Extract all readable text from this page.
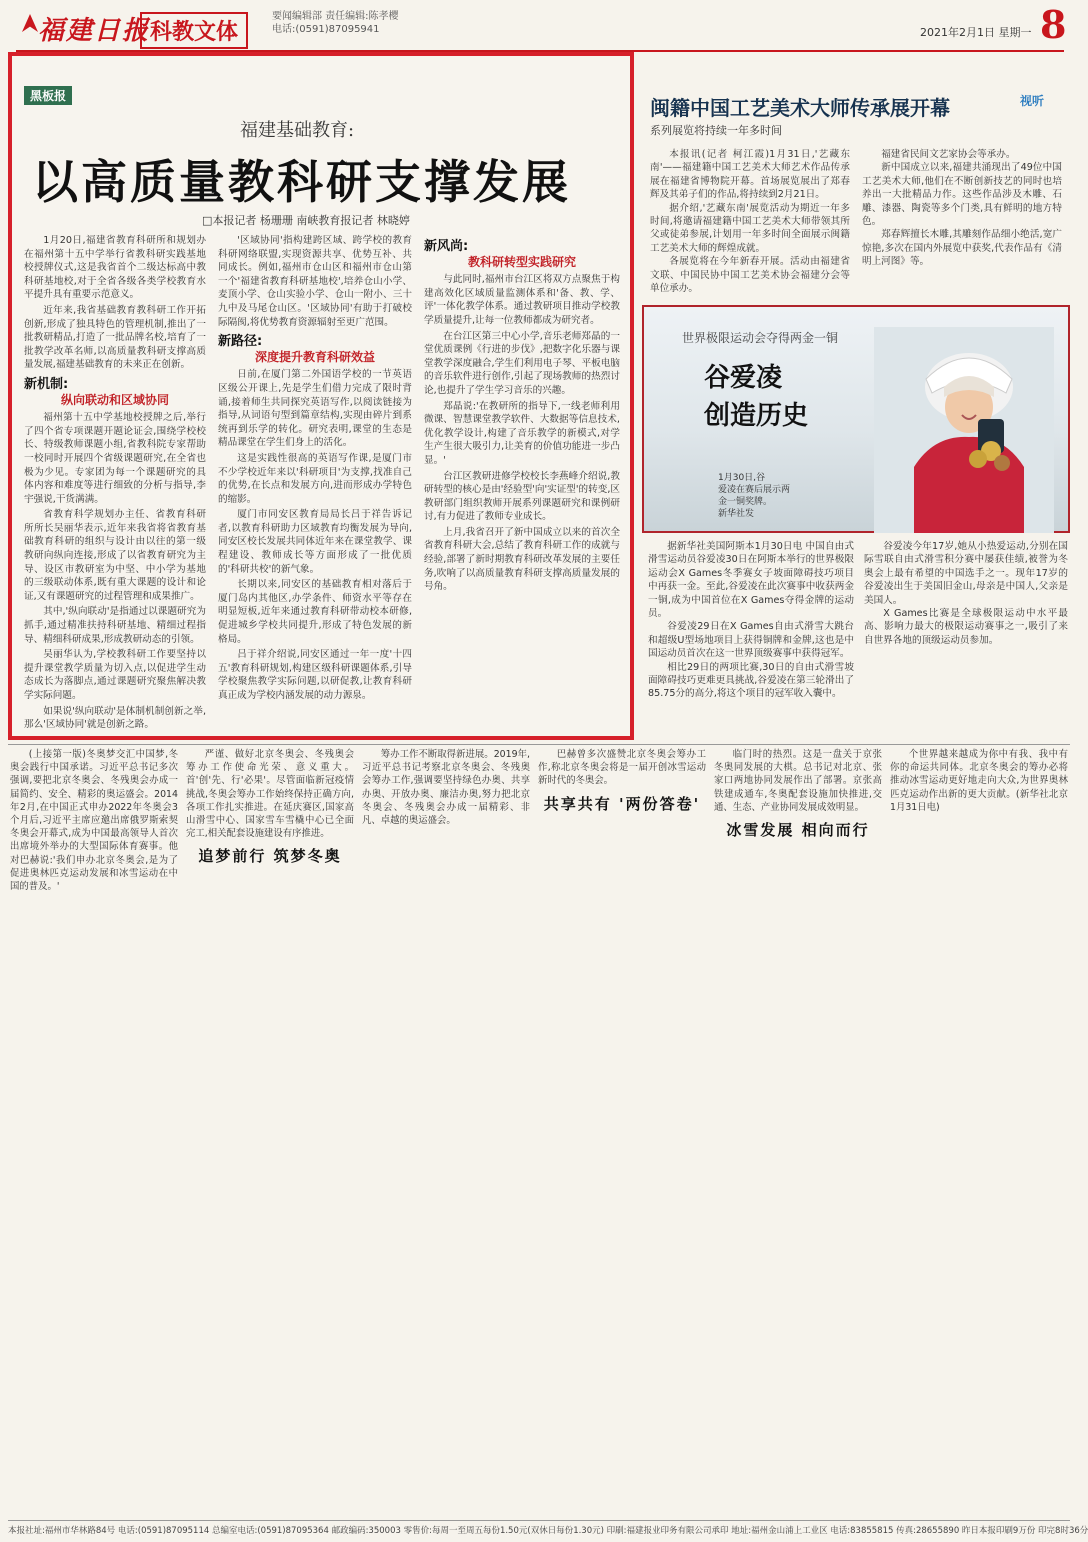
福建日报 科教文体
要闻编辑部 责任编辑:陈孝樱
电话:(0591)87095941	2021年2月1日 星期一 8
黑板报
福建基础教育:
以高质量教科研支撑发展
□本报记者 杨珊珊 南峡教育报记者 林晓婷

1月20日,福建省教育科研所和规划办在福州第十五中学举行省教科研实践基地校授牌仪式,这是我省首个二级达标高中教科研基地校,对于全省各级各类学校教育水平提升具有重要示范意义。

近年来,我省基础教育教科研工作开拓创新,形成了独具特色的管理机制,推出了一批教研精品,打造了一批品牌名校,培育了一批教学改革名师,以高质量教科研支撑高质量发展,福建基础教育的未来正在创新。

新机制:
纵向联动和区域协同

福州第十五中学基地校授牌之后,举行了四个省专项课题开题论证会,围绕学校校长、特级教师课题小组,省教科院专家帮助一校同时开展四个省级课题研究,在全省也极为少见。专家团为每一个课题研究的具体内容和难度等进行细致的分析与指导,李宇强说,干货满满。

省教育科学规划办主任、省教育科研所所长吴丽华表示,近年来我省将省教育基础教育科研的组织与设计由以往的第一级教研向纵向连接,形成了以省教育研究为主导、设区市教研室为中坚、中小学为基地的三级联动体系,既有重大课题的设计和论证,又有课题研究的过程管理和成果推广。

其中,'纵向联动'是指通过以课题研究为抓手,通过精准扶持科研基地、精细过程指导、精细科研成果,形成教研动态的引领。

吴丽华认为,学校教科研工作要坚持以提升课堂教学质量为切入点,以促进学生动态成长为落脚点,通过课题研究聚焦解决教学实际问题。

如果说'纵向联动'是体制机制创新之举,那么'区域协同'就是创新之路。

'区域协同'指构建跨区域、跨学校的教育科研网络联盟,实现资源共享、优势互补、共同成长。例如,福州市仓山区和福州市仓山第一个'福建省教育科研基地校',培养仓山小学、麦顶小学、仓山实验小学、仓山一附小、三十九中及马尾仓山区。'区域协同'有助于打破校际隔阂,将优势教育资源辐射至更广范围。

新路径:
深度提升教育科研效益

日前,在厦门第二外国语学校的一节英语区级公开课上,先是学生们借力完成了限时背诵,接着师生共同探究英语写作,以阅读链接为指导,从词语句型到篇章结构,实现由碎片到系统再到乐学的转化。研究表明,课堂的生态是精品课堂在学生们身上的活化。

这是实践性很高的英语写作课,是厦门市不少学校近年来以'科研项目'为支撑,找准自己的优势,在长点和发展方向,进而形成办学特色的缩影。

厦门市同安区教育局局长吕于祥告诉记者,以教育科研助力区域教育均衡发展为导向,同安区校长发展共同体近年来在课堂教学、课程建设、教师成长等方面形成了一批优质的'科研共校'的新气象。

长期以来,同安区的基础教育相对落后于厦门岛内其他区,办学条件、师资水平等存在明显短板,近年来通过教育科研带动校本研修,促进城乡学校共同提升,形成了特色发展的新格局。

吕于祥介绍说,同安区通过一年一度'十四五'教育科研规划,构建区级科研课题体系,引导学校聚焦教学实际问题,以研促教,让教育科研真正成为学校内涵发展的动力源泉。

新风尚:
教科研转型实践研究

与此同时,福州市台江区将双方点聚焦于构建高效化区域质量监测体系和'备、教、学、评'一体化教学体系。通过教研项目推动学校教学质量提升,让每一位教师都成为研究者。

在台江区第三中心小学,音乐老师郑晶的一堂优质课例《行进的步伐》,把数字化乐器与课堂教学深度融合,学生们利用电子琴、平板电脑的音乐软件进行创作,引起了现场教师的热烈讨论,也提升了学生学习音乐的兴趣。

郑晶说:'在教研所的指导下,一线老师利用微课、智慧课堂教学软件、大数据等信息技术,优化教学设计,构建了音乐教学的新模式,对学生产生很大吸引力,让美育的价值功能进一步凸显。'

台江区教研进修学校校长李燕峰介绍说,教研转型的核心是由'经验型'向'实证型'的转变,区教研部门组织教师开展系列课题研究和课例研讨,有力促进了教师专业成长。

上月,我省召开了新中国成立以来的首次全省教育科研大会,总结了教育科研工作的成就与经验,部署了新时期教育科研改革发展的主要任务,吹响了以高质量教育科研支撑高质量发展的号角。

闽籍中国工艺美术大师传承展开幕	视听
系列展览将持续一年多时间

本报讯(记者 柯江霞)1月31日,'艺藏东南'——福建籍中国工艺美术大师艺术作品传承展在福建省博物院开幕。首场展览展出了郑春辉及其弟子们的作品,将持续到2月21日。

据介绍,'艺藏东南'展览活动为期近一年多时间,将邀请福建籍中国工艺美术大师带领其所父或徒弟参展,计划用一年多时间全面展示闽籍工艺美术大师的辉煌成就。

各展览将在今年新春开展。活动由福建省文联、中国民协中国工艺美术协会福建分会等单位承办。

福建省民间文艺家协会等承办。

新中国成立以来,福建共涌现出了49位中国工艺美术大师,他们在不断创新技艺的同时也培养出一大批精品力作。这些作品涉及木雕、石雕、漆器、陶瓷等多个门类,具有鲜明的地方特色。

郑春辉擅长木雕,其雕刻作品细小绝活,宽广惊艳,多次在国内外展览中获奖,代表作品有《清明上河图》等。

世界极限运动会夺得两金一铜
谷爱凌
创造历史
1月30日,谷
爱凌在赛后展示两
金一铜奖牌。
新华社发

据新华社美国阿斯本1月30日电 中国自由式滑雪运动员谷爱凌30日在阿斯本举行的世界极限运动会X Games冬季赛女子坡面障碍技巧项目中再获一金。至此,谷爱凌在此次赛事中收获两金一铜,成为中国首位在X Games夺得金牌的运动员。

谷爱凌29日在X Games自由式滑雪大跳台和超级U型场地项目上获得铜牌和金牌,这也是中国运动员首次在这一世界顶级赛事中获得冠军。

相比29日的两项比赛,30日的自由式滑雪坡面障碍技巧更难更具挑战,谷爱凌在第三轮滑出了85.75分的高分,将这个项目的冠军收入囊中。

谷爱凌今年17岁,她从小热爱运动,分别在国际雪联自由式滑雪积分赛中屡获佳绩,被誉为冬奥会上最有希望的中国选手之一。现年17岁的谷爱凌出生于美国旧金山,母亲是中国人,父亲是美国人。

X Games比赛是全球极限运动中水平最高、影响力最大的极限运动赛事之一,吸引了来自世界各地的顶级运动员参加。

(上接第一版)冬奥梦交汇中国梦,冬奥会践行中国承诺。习近平总书记多次强调,要把北京冬奥会、冬残奥会办成一届简约、安全、精彩的奥运盛会。2014年2月,在中国正式申办2022年冬奥会3个月后,习近平主席应邀出席俄罗斯索契冬奥会开幕式,成为中国最高领导人首次出席境外举办的大型国际体育赛事。他对巴赫说:'我们申办北京冬奥会,是为了促进奥林匹克运动发展和冰雪运动在中国的普及。'

严谨、做好北京冬奥会、冬残奥会筹办工作使命光荣、意义重大。首'创'先、行'必果'。尽管面临新冠疫情挑战,冬奥会筹办工作始终保持正确方向,各项工作扎实推进。在延庆赛区,国家高山滑雪中心、国家雪车雪橇中心已全面完工,相关配套设施建设有序推进。

追梦前行 筑梦冬奥

筹办工作不断取得新进展。2019年,习近平总书记考察北京冬奥会、冬残奥会筹办工作,强调要坚持绿色办奥、共享办奥、开放办奥、廉洁办奥,努力把北京冬奥会、冬残奥会办成一届精彩、非凡、卓越的奥运盛会。

巴赫曾多次盛赞北京冬奥会筹办工作,称北京冬奥会将是一届开创冰雪运动新时代的冬奥会。

共享共有 '两份答卷'

临门时的热烈。这是一盘关于京张冬奥同发展的大棋。总书记对北京、张家口两地协同发展作出了部署。京张高铁建成通车,冬奥配套设施加快推进,交通、生态、产业协同发展成效明显。

冰雪发展 相向而行

个世界越来越成为你中有我、我中有你的命运共同体。北京冬奥会的筹办必将推动冰雪运动更好地走向大众,为世界奥林匹克运动作出新的更大贡献。(新华社北京1月31日电)

本报社址:福州市华林路84号 电话:(0591)87095114 总编室电话:(0591)87095364 邮政编码:350003 零售价:每周一至周五每份1.50元(双休日每份1.30元) 印刷:福建报业印务有限公司承印 地址:福州金山浦上工业区 电话:83855815 传真:28655890 昨日本报印刷9万份 印完8时36分
